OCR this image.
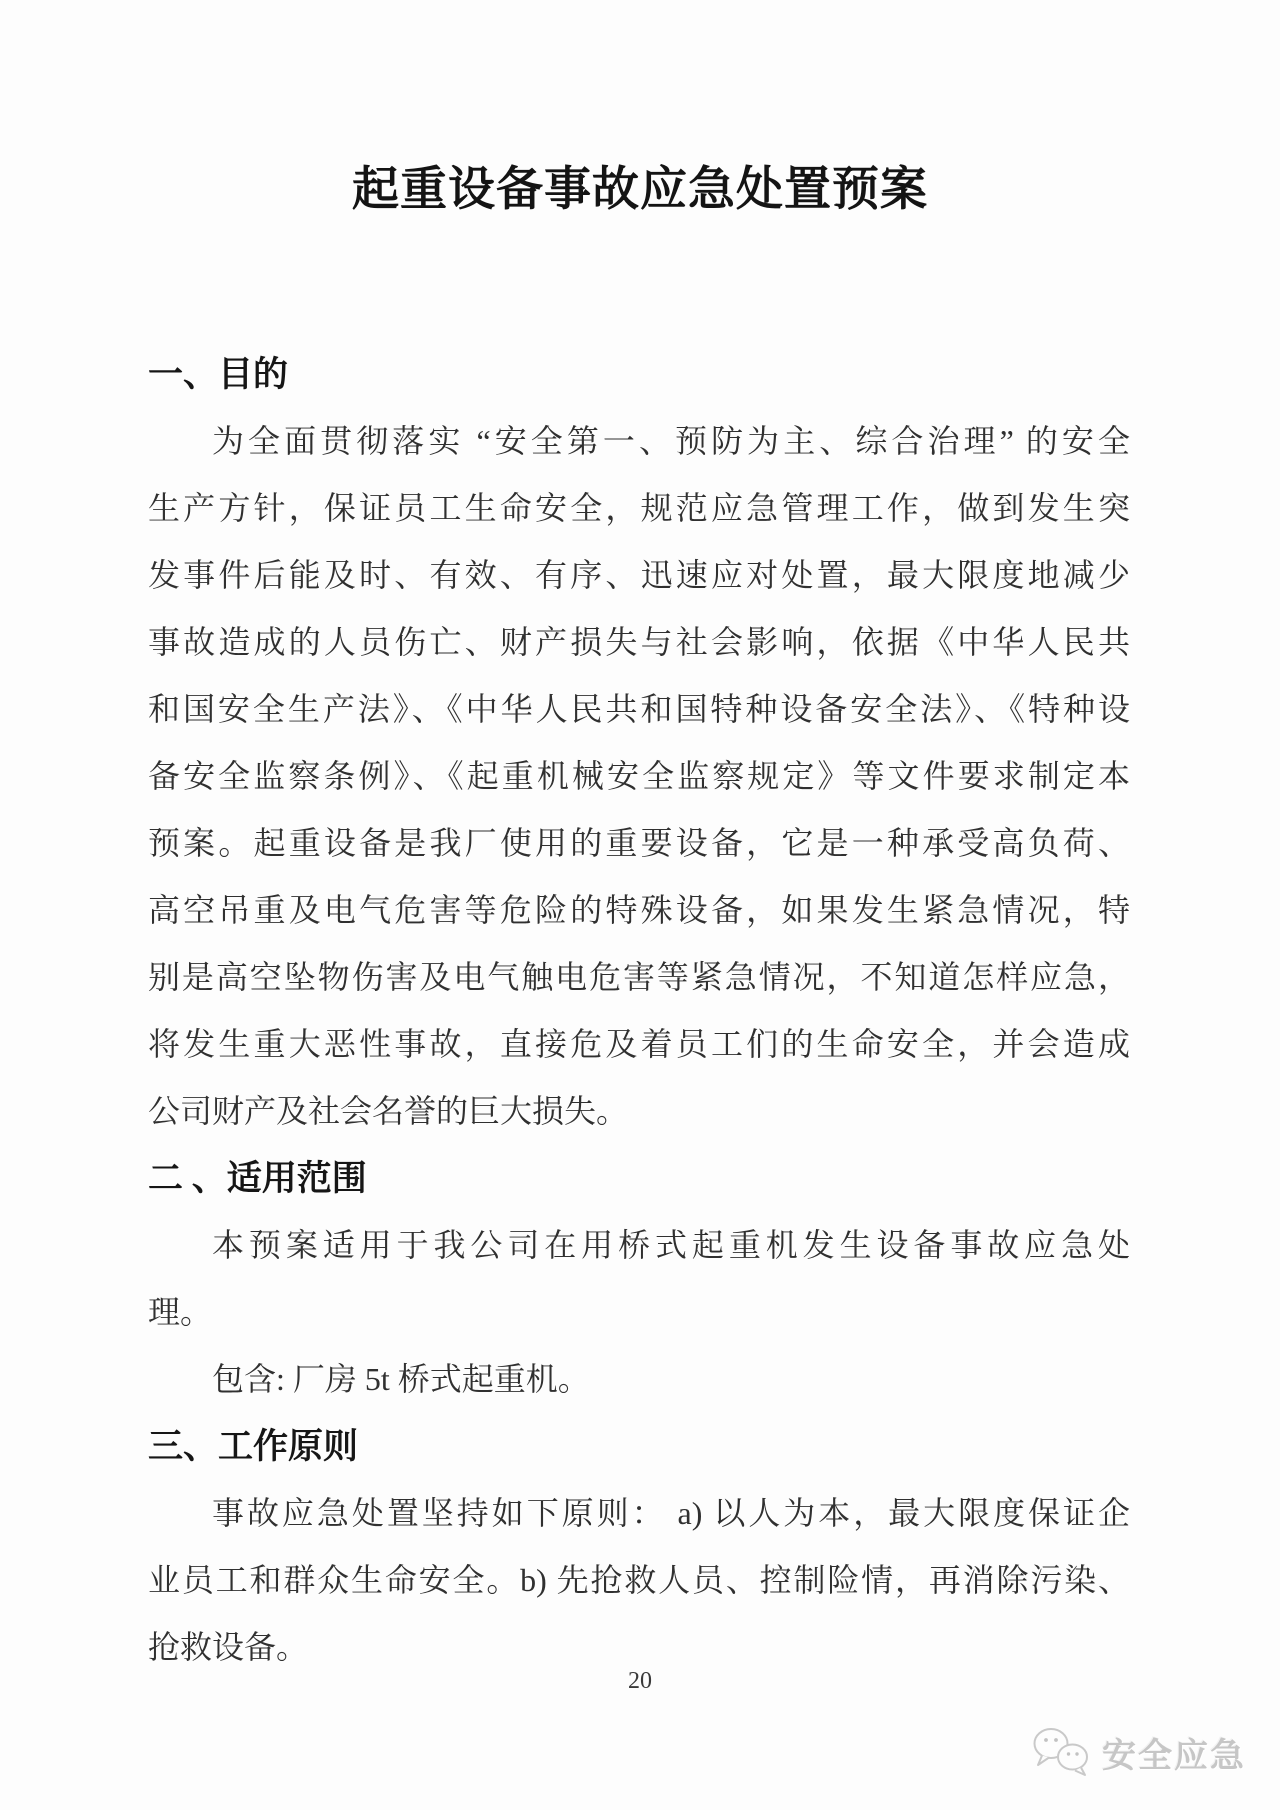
起重设备事故应急处置预案
一、目的
为全面贯彻落实 “安全第一、预防为主、综合治理” 的安全
生产方针，保证员工生命安全，规范应急管理工作，做到发生突
发事件后能及时、有效、有序、迅速应对处置，最大限度地减少
事故造成的人员伤亡、财产损失与社会影响，依据《中华人民共
和国安全生产法》、《中华人民共和国特种设备安全法》、《特种设
备安全监察条例》、《起重机械安全监察规定》等文件要求制定本
预案。起重设备是我厂使用的重要设备，它是一种承受高负荷、
高空吊重及电气危害等危险的特殊设备，如果发生紧急情况，特
别是高空坠物伤害及电气触电危害等紧急情况，不知道怎样应急，
将发生重大恶性事故，直接危及着员工们的生命安全，并会造成
公司财产及社会名誉的巨大损失。
二 、适用范围
本预案适用于我公司在用桥式起重机发生设备事故应急处
理。
包含: 厂房 5t 桥式起重机。
三、工作原则
事故应急处置坚持如下原则： a) 以人为本，最大限度保证企
业员工和群众生命安全。b) 先抢救人员、控制险情，再消除污染、
抢救设备。
20
安全应急
